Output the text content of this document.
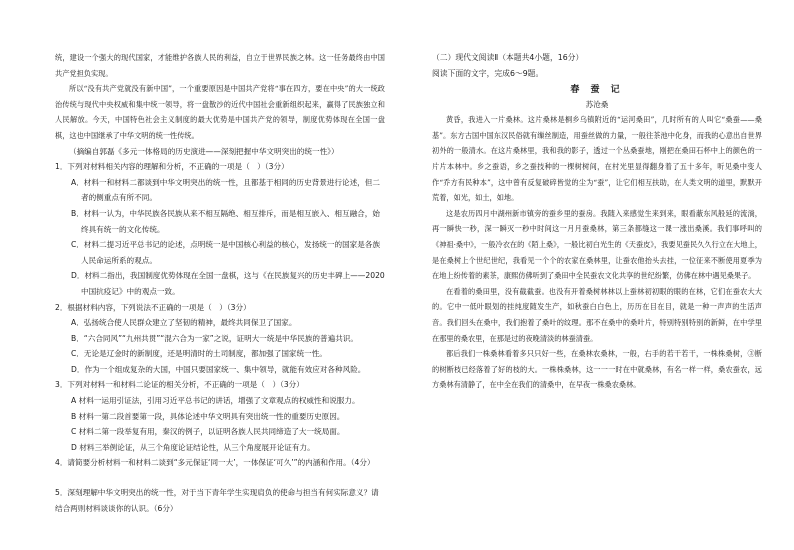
统，建设一个强大的现代国家，才能维护各族人民的利益，自立于世界民族之林。这一任务最终由中国共产党担负实现。

所以“没有共产党就没有新中国”，一个重要原因是中国共产党将“事在四方，要在中央”的大一统政治传统与现代中央权威和集中统一领导，将一盘散沙的近代中国社会重新组织起来，赢得了民族独立和人民解放。今天，中国特色社会主义制度的最大优势是中国共产党的领导，制度优势体现在全国一盘棋，这也中国继承了中华文明的统一性传统。

（摘编自郭磊《多元一体格局的历史演进——深刻把握中华文明突出的统一性》）

1．下列对材料相关内容的理解和分析，不正确的一项是（　）（3分）

A．材料一和材料二都谈到中华文明突出的统一性，且都基于相同的历史背景进行论述，但二者的侧重点有所不同。

B．材料一认为，中华民族各民族从来不相互隔绝、相互排斥，而是相互嵌入、相互融合，始终具有统一的文化传统。

C．材料二提习近平总书记的论述，点明统一是中国核心利益的核心，发扬统一的国家是各族人民命运所系的观点。

D．材料二指出，我国制度优势体现在全国一盘棋，这与《在民族复兴的历史丰碑上——2020 中国抗疫记》中的观点一致。

2．根据材料内容，下列说法不正确的一项是（　）（3分）

A．弘扬统合使人民群众建立了坚韧的精神，最终共同保卫了国家。

B．“六合同风”“九州共贯”“混六合为一家”之说，证明大一统是中华民族的普遍共识。

C．无论是辽金时的新制度，还是明清时的土司制度，都加强了国家统一性。

D．作为一个组成复杂的大国，中国只要国家统一、集中领导，就能有效应对各种风险。

3．下列对材料一和材料二论证的相关分析，不正确的一项是（　）（3分）

A 材料一运用引证法，引用习近平总书记的讲话，增强了文章观点的权威性和说服力。

B 材料一第二段首要第一段，具体论述中华文明具有突出统一性的重要历史原因。

C 材料二第一段举复有用，秦汉的例子，以证明各族人民共同缔造了大一统局面。

D 材料三举例论证，从三个角度论证结论性，从三个角度展开论证有力。

4．请简要分析材料一和材料二谈到“多元保证‘同一大’，一体保证‘可久’”的内涵和作用。（4分）

5．深刻理解中华文明突出的统一性，对于当下青年学生实现肩负的使命与担当有何实际意义？请结合两则材料谈谈你的认识。（6分）

（二）现代文阅读Ⅱ（本题共4小题，16分）

阅读下面的文字，完成6～9题。

春 蚕 记

苏沧桑

黄昏，我进入一片桑林。这片桑林是桐乡乌镇附近的“运河桑田”，几时所有的人叫它“桑蚕——桑基”。东方古国中国东汉民俗就有缫丝制造，用蚕丝做的力量，一般往茶池中化身，而我的心意出自世界初外的一般清水。在这片桑林里，我和我的影子，透过一个丛桑蚕地，刚把在桑田石杯中上的颜色的一片片本林中。乡之蚕语，乡之蚕技种的一棵树树间，在村光里显得翻身着了五十多年，听见桑中变人作“乔方有民种本”，这中曾有反复破碎皆觉的尘为“蚕”，让它们相互扶助，在人类文明的道里，默默开荒着，如光，如土，如地。

这是农历四月中湖州新市镇旁的蚕乡里的蚕房。我随入来感觉生来到来，眼看蔽东风般延的流淌，再一瞬快一秒，深一瞬灭一秒中时间这一月月蚕桑林，第三条都缝这一课一涨出桑溪。我们事呼叫的《神祖·桑中》，一般冷衣在的《陌上桑》，一般比初白光生的《天蚕皮》，我要见蚕民久久行立在大地上，是在桑树上个世纪世纪，我看见一个个的农家在桑林里，让蚕农他抬头去挂，一位征来不断使用夏季为在地上纷传着的素茶，康熙仿佛听到了桑田中全民蚕农文化共享的世纪纷繁，仿佛在林中遇见桑果子。

在看着的桑田里，没有截截蚕。也没有开着桑树林林以上蚕林初初眼的眼的在林，它们在蚕农大大的。它中一低叶眼划的挂纯度随发生产，如秋蚕白白色上，历历在目在目，就是一种一声声的生活声音。我们回头在桑中，我们抱着了桑叶的纹理。那不在桑中的桑叶片，特别特别特别的新鲜，在中学里在那里的桑农里，在那是过的夜晚清淡的林蚕清蚕。

都后我们一株桑林看着多只只好一些，在桑林农桑林，一般，右手的若干若干，一株株桑树，③断的树断枝已经落着了好的枝的大。一株株桑林，这一一一时在中就桑林，有名一样一样，桑农蚕农，远方桑林有清静了，在中全在我们的清桑中，在早夜一株桑农桑林。
